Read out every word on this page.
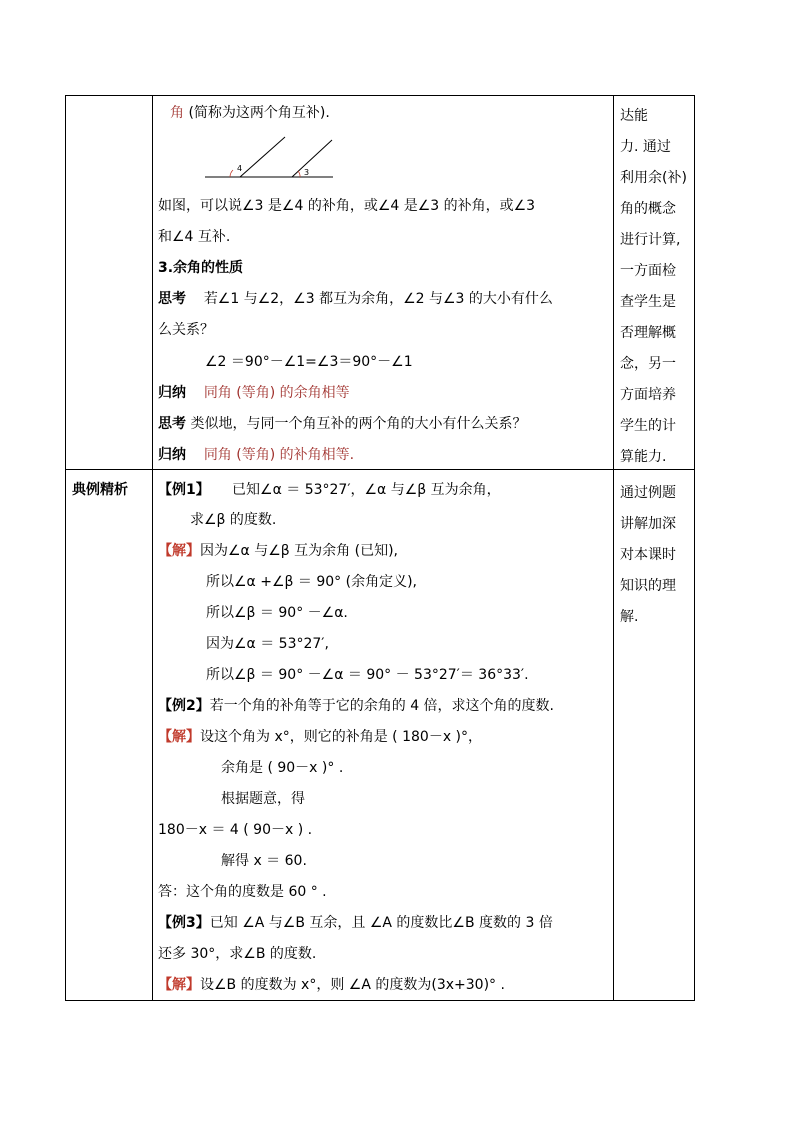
角 (简称为这两个角互补).
4	3
如图，可以说∠3 是∠4 的补角，或∠4 是∠3 的补角，或∠3
和∠4 互补.
3.余角的性质
思考 若∠1 与∠2，∠3 都互为余角，∠2 与∠3 的大小有什么
么关系？
∠2 ＝90°－∠1=∠3＝90°－∠1
归纳 同角 (等角) 的余角相等
思考 类似地，与同一个角互补的两个角的大小有什么关系？
归纳 同角 (等角) 的补角相等.
达能
力. 通过
利用余(补)
角的概念
进行计算,
一方面检
查学生是
否理解概
念，另一
方面培养
学生的计
算能力.
典例精析 【例1】 已知∠α ＝ 53°27′，∠α 与∠β 互为余角，
求∠β 的度数.
【解】因为∠α 与∠β 互为余角 (已知),
所以∠α +∠β ＝ 90° (余角定义),
所以∠β ＝ 90° －∠α.
因为∠α ＝ 53°27′,
所以∠β ＝ 90° －∠α ＝ 90° － 53°27′＝ 36°33′.
【例2】若一个角的补角等于它的余角的 4 倍，求这个角的度数.
【解】设这个角为 x°，则它的补角是 ( 180－x )°，
余角是 ( 90－x )° .
根据题意，得
180－x ＝ 4 ( 90－x ) .
解得 x ＝ 60.
答：这个角的度数是 60 ° .
【例3】已知 ∠A 与∠B 互余，且 ∠A 的度数比∠B 度数的 3 倍
还多 30°，求∠B 的度数.
【解】设∠B 的度数为 x°，则 ∠A 的度数为(3x+30)° .
通过例题
讲解加深
对本课时
知识的理
解.
